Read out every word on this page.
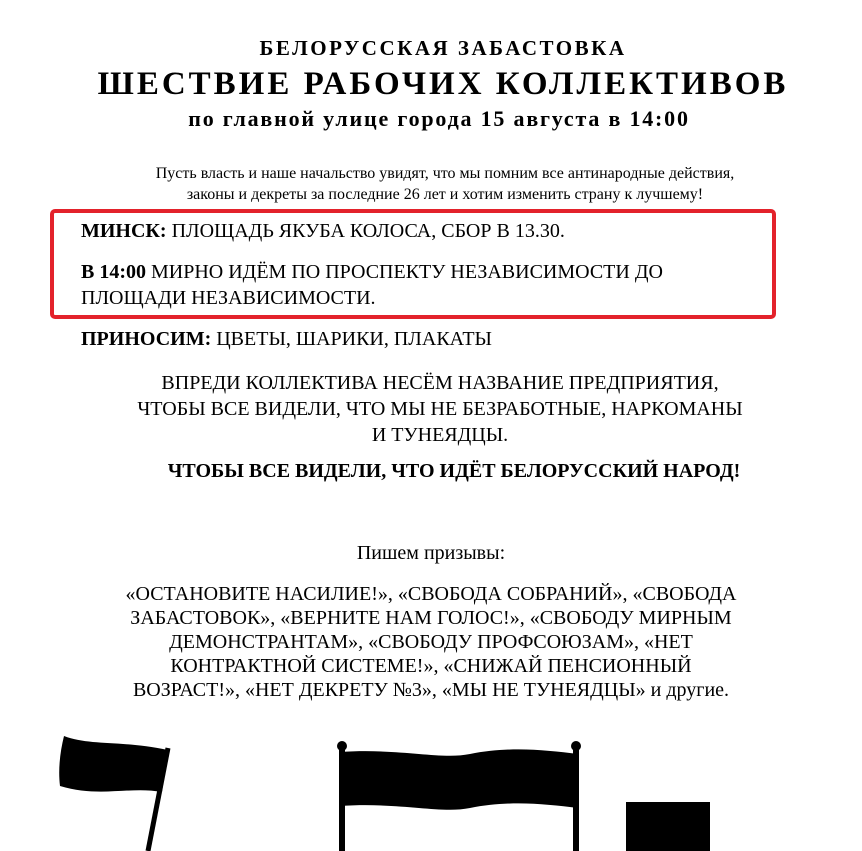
БЕЛОРУССКАЯ ЗАБАСТОВКА
ШЕСТВИЕ РАБОЧИХ КОЛЛЕКТИВОВ
по главной улице города 15 августа в 14:00
Пусть власть и наше начальство увидят, что мы помним все антинародные действия,
законы и декреты за последние 26 лет и хотим изменить страну к лучшему!
МИНСК: ПЛОЩАДЬ ЯКУБА КОЛОСА, СБОР В 13.30.
В 14:00 МИРНО ИДЁМ ПО ПРОСПЕКТУ НЕЗАВИСИМОСТИ ДО
ПЛОЩАДИ НЕЗАВИСИМОСТИ.
ПРИНОСИМ: ЦВЕТЫ, ШАРИКИ, ПЛАКАТЫ
ВПРЕДИ КОЛЛЕКТИВА НЕСЁМ НАЗВАНИЕ ПРЕДПРИЯТИЯ,
ЧТОБЫ ВСЕ ВИДЕЛИ, ЧТО МЫ НЕ БЕЗРАБОТНЫЕ, НАРКОМАНЫ
И ТУНЕЯДЦЫ.
ЧТОБЫ ВСЕ ВИДЕЛИ, ЧТО ИДЁТ БЕЛОРУССКИЙ НАРОД!
Пишем призывы:
«ОСТАНОВИТЕ НАСИЛИЕ!», «СВОБОДА СОБРАНИЙ», «СВОБОДА
ЗАБАСТОВОК», «ВЕРНИТЕ НАМ ГОЛОС!», «СВОБОДУ МИРНЫМ
ДЕМОНСТРАНТАМ», «СВОБОДУ ПРОФСОЮЗАМ», «НЕТ
КОНТРАКТНОЙ СИСТЕМЕ!», «СНИЖАЙ ПЕНСИОННЫЙ
ВОЗРАСТ!», «НЕТ ДЕКРЕТУ №3», «МЫ НЕ ТУНЕЯДЦЫ» и другие.
